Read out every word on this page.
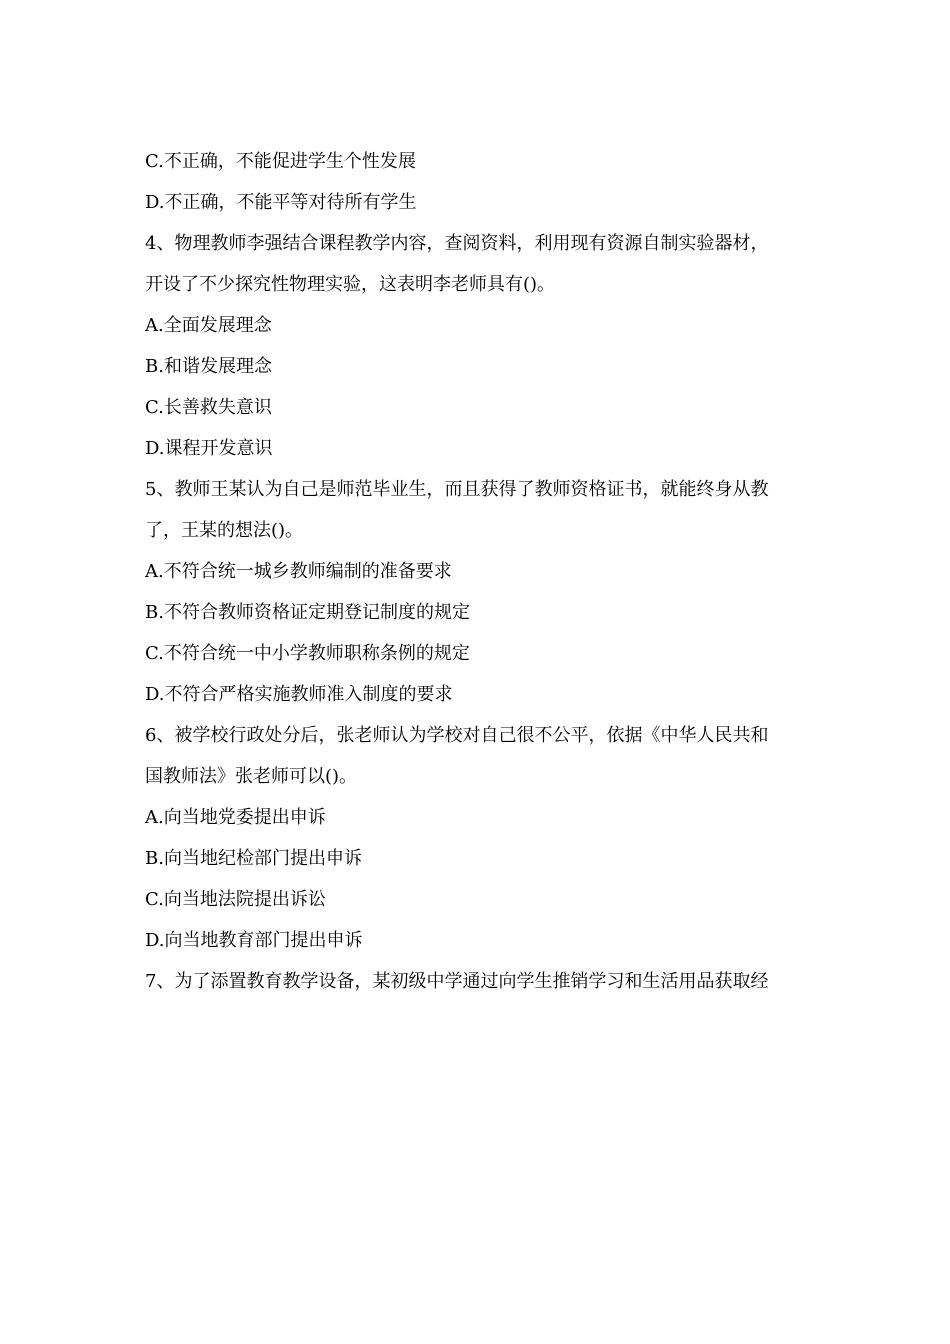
C.不正确，不能促进学生个性发展
D.不正确，不能平等对待所有学生
4、物理教师李强结合课程教学内容，查阅资料，利用现有资源自制实验器材，
开设了不少探究性物理实验，这表明李老师具有()。
A.全面发展理念
B.和谐发展理念
C.长善救失意识
D.课程开发意识
5、教师王某认为自己是师范毕业生，而且获得了教师资格证书，就能终身从教
了，王某的想法()。
A.不符合统一城乡教师编制的准备要求
B.不符合教师资格证定期登记制度的规定
C.不符合统一中小学教师职称条例的规定
D.不符合严格实施教师准入制度的要求
6、被学校行政处分后，张老师认为学校对自己很不公平，依据《中华人民共和
国教师法》张老师可以()。
A.向当地党委提出申诉
B.向当地纪检部门提出申诉
C.向当地法院提出诉讼
D.向当地教育部门提出申诉
7、为了添置教育教学设备，某初级中学通过向学生推销学习和生活用品获取经
